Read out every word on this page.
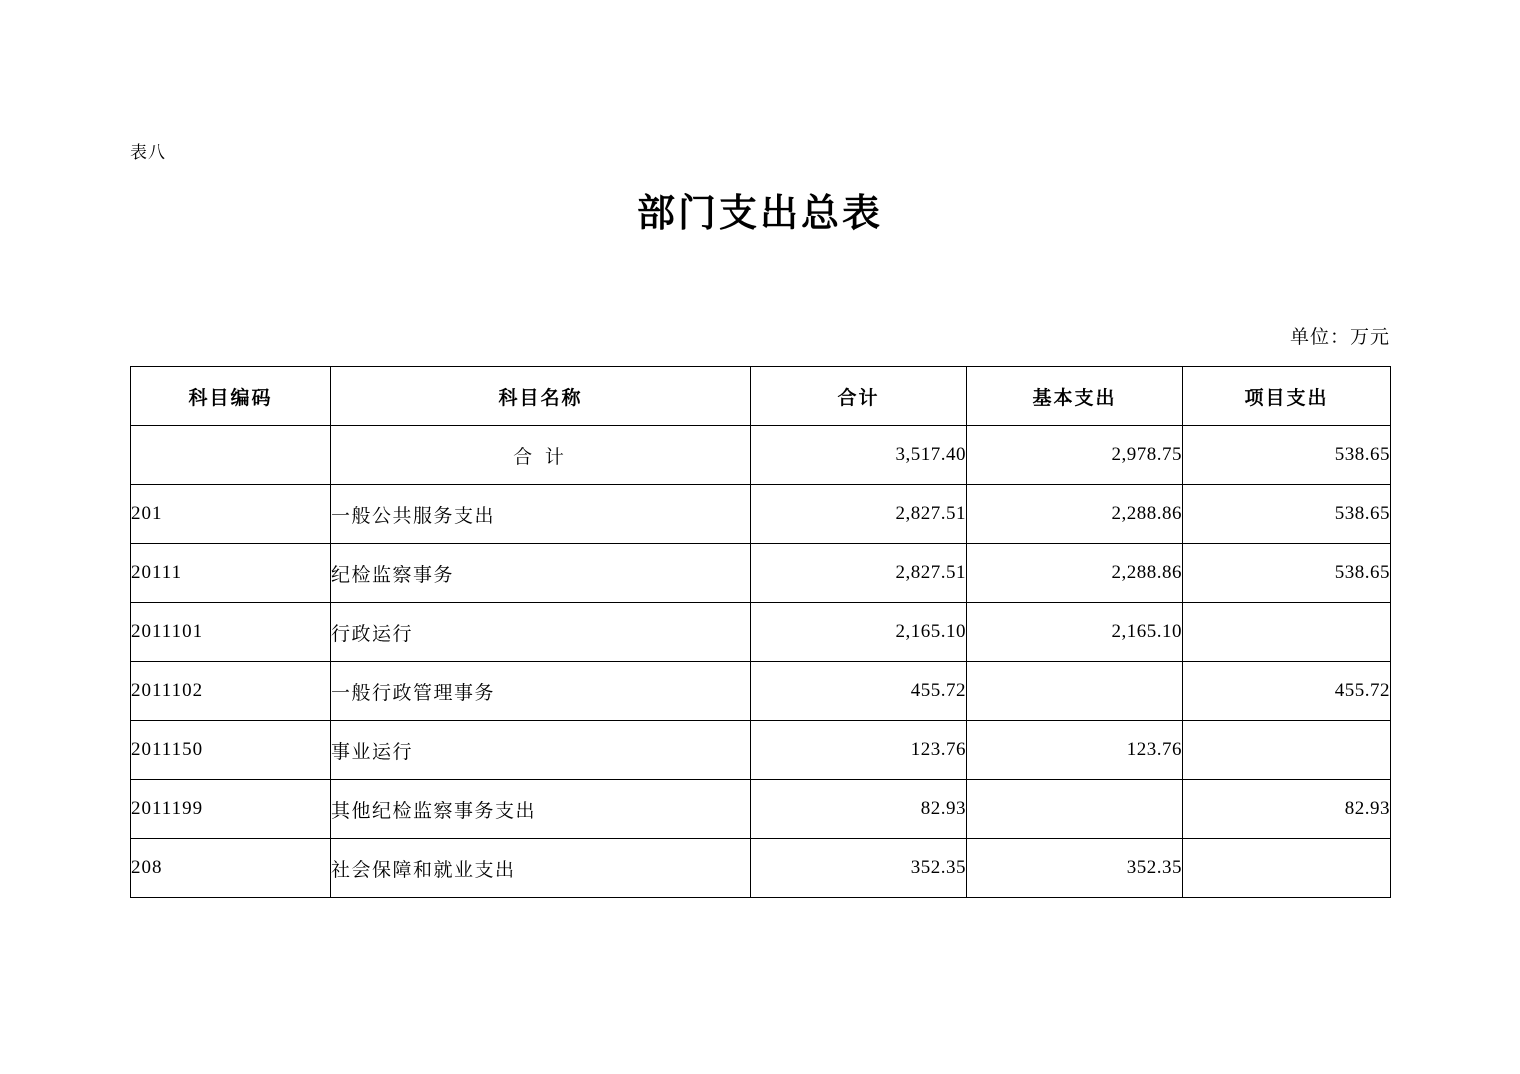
表八
部门支出总表
单位：万元
科目编码	科目名称	合计	基本支出	项目支出
	合 计	3,517.40	2,978.75	538.65
201	一般公共服务支出	2,827.51	2,288.86	538.65
20111	纪检监察事务	2,827.51	2,288.86	538.65
2011101	行政运行	2,165.10	2,165.10	
2011102	一般行政管理事务	455.72		455.72
2011150	事业运行	123.76	123.76	
2011199	其他纪检监察事务支出	82.93		82.93
208	社会保障和就业支出	352.35	352.35	
